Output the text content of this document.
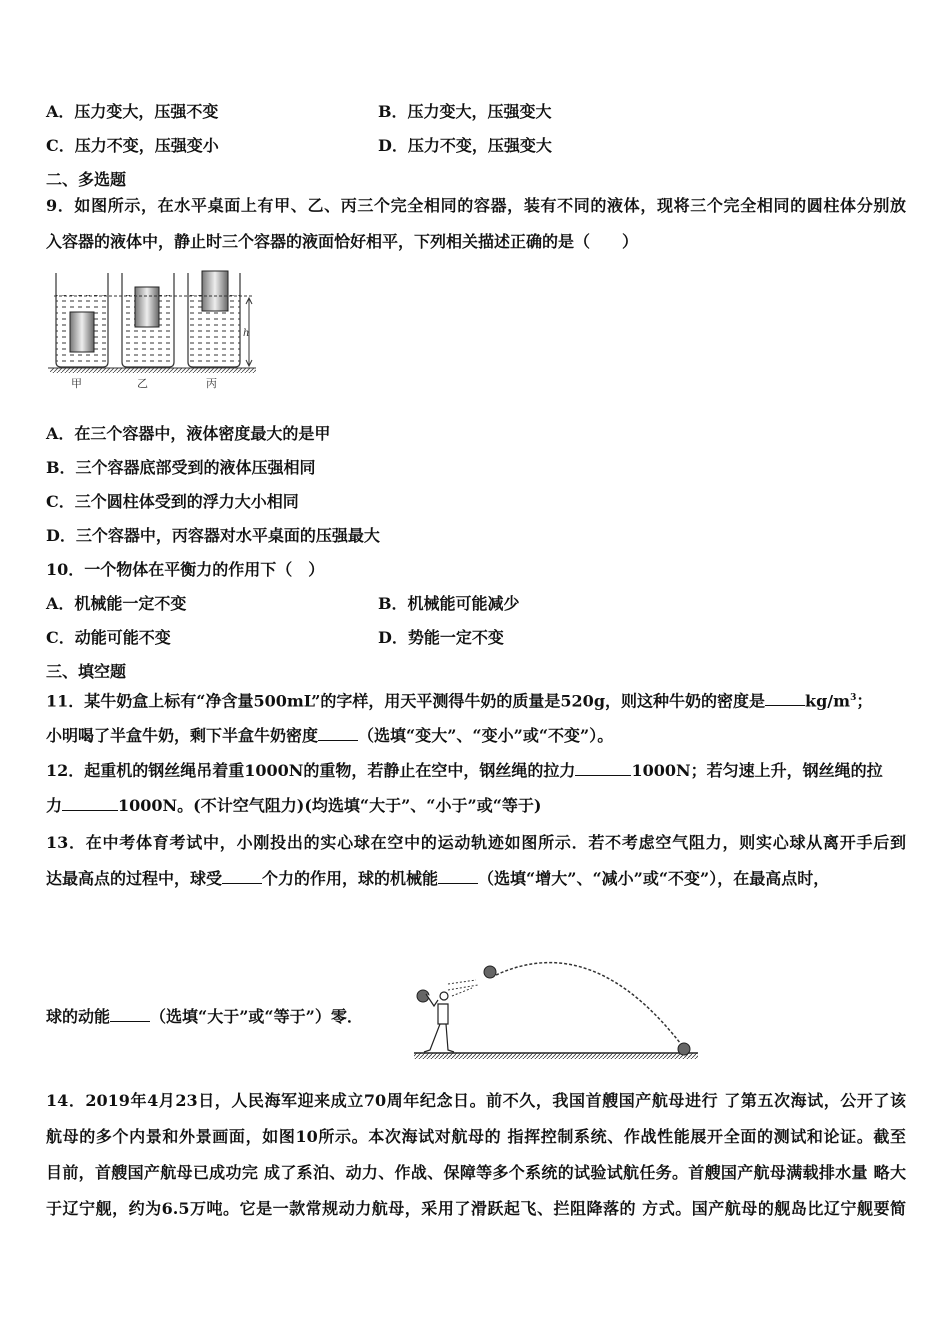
A．压力变大，压强不变	B．压力变大，压强变大
C．压力不变，压强变小	D．压力不变，压强变大
二、多选题
9．如图所示，在水平桌面上有甲、乙、丙三个完全相同的容器，装有不同的液体，现将三个完全相同的圆柱体分别放
入容器的液体中，静止时三个容器的液面恰好相平，下列相关描述正确的是（　　）
h
甲	乙	丙
A．在三个容器中，液体密度最大的是甲
B．三个容器底部受到的液体压强相同
C．三个圆柱体受到的浮力大小相同
D．三个容器中，丙容器对水平桌面的压强最大
10．一个物体在平衡力的作用下（　）
A．机械能一定不变	B．机械能可能减少
C．动能可能不变	D．势能一定不变
三、填空题
11．某牛奶盒上标有“净含量500mL”的字样，用天平测得牛奶的质量是520g，则这种牛奶的密度是	$kg/m^3$；
小明喝了半盒牛奶，剩下半盒牛奶密度	（选填“变大”、“变小”或“不变”）。
12．起重机的钢丝绳吊着重1000N的重物，若静止在空中，钢丝绳的拉力	1000N；若匀速上升，钢丝绳的拉
力	1000N。(不计空气阻力)(均选填“大于”、“小于”或“等于)
13．在中考体育考试中，小刚投出的实心球在空中的运动轨迹如图所示．若不考虑空气阻力，则实心球从离开手后到
达最高点的过程中，球受	个力的作用，球的机械能	（选填“增大”、“减小”或“不变”），在最高点时，
球的动能	（选填“大于”或“等于”）零．
14．2019年4月23日，人民海军迎来成立70周年纪念日。前不久，我国首艘国产航母进行 了第五次海试，公开了该
航母的多个内景和外景画面，如图10所示。本次海试对航母的 指挥控制系统、作战性能展开全面的测试和论证。截至
目前，首艘国产航母已成功完 成了系泊、动力、作战、保障等多个系统的试验试航任务。首艘国产航母满载排水量 略大
于辽宁舰，约为6.5万吨。它是一款常规动力航母，采用了滑跃起飞、拦阻降落的 方式。国产航母的舰岛比辽宁舰要简
